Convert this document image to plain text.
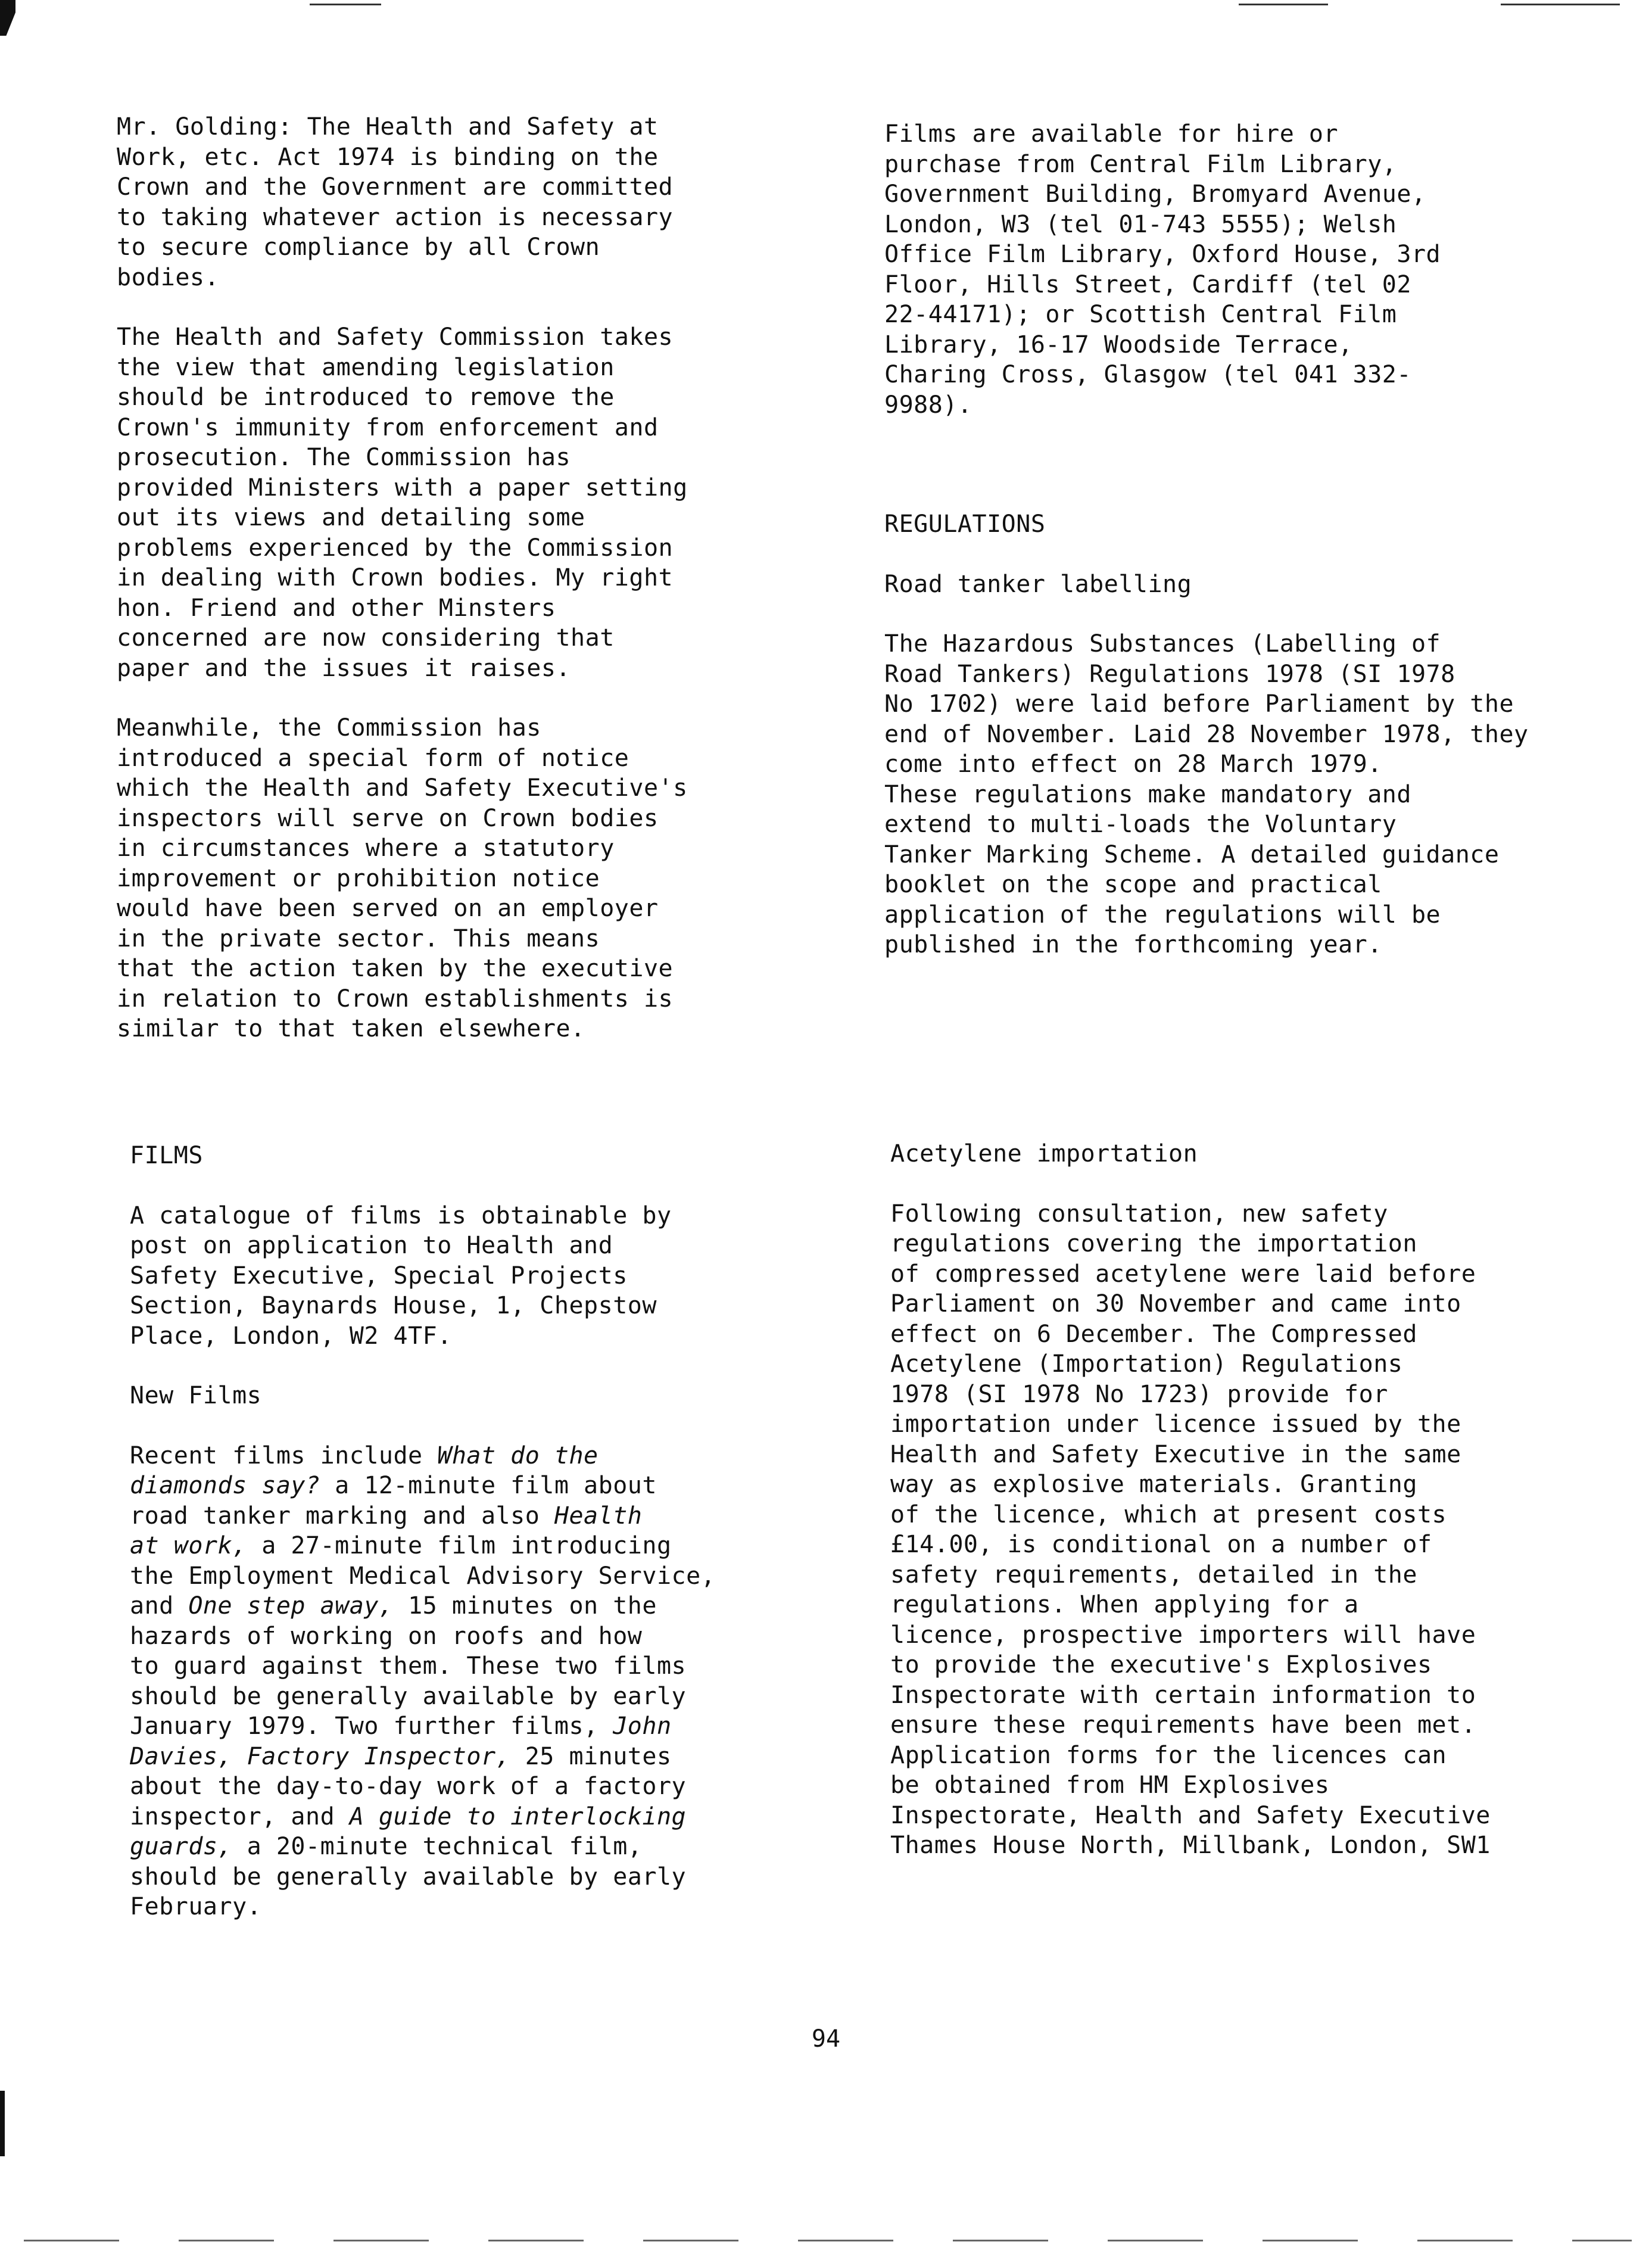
Mr. Golding: The Health and Safety at
Work, etc. Act 1974 is binding on the
Crown and the Government are committed
to taking whatever action is necessary
to secure compliance by all Crown
bodies.
The Health and Safety Commission takes
the view that amending legislation
should be introduced to remove the
Crown's immunity from enforcement and
prosecution. The Commission has
provided Ministers with a paper setting
out its views and detailing some
problems experienced by the Commission
in dealing with Crown bodies. My right
hon. Friend and other Minsters
concerned are now considering that
paper and the issues it raises.
Meanwhile, the Commission has
introduced a special form of notice
which the Health and Safety Executive's
inspectors will serve on Crown bodies
in circumstances where a statutory
improvement or prohibition notice
would have been served on an employer
in the private sector. This means
that the action taken by the executive
in relation to Crown establishments is
similar to that taken elsewhere.
FILMS
A catalogue of films is obtainable by
post on application to Health and
Safety Executive, Special Projects
Section, Baynards House, 1, Chepstow
Place, London, W2 4TF.
New Films
Recent films include What do the
diamonds say? a 12-minute film about
road tanker marking and also Health
at work, a 27-minute film introducing
the Employment Medical Advisory Service,
and One step away, 15 minutes on the
hazards of working on roofs and how
to guard against them. These two films
should be generally available by early
January 1979. Two further films, John
Davies, Factory Inspector, 25 minutes
about the day-to-day work of a factory
inspector, and A guide to interlocking
guards, a 20-minute technical film,
should be generally available by early
February.
Films are available for hire or
purchase from Central Film Library,
Government Building, Bromyard Avenue,
London, W3 (tel 01-743 5555); Welsh
Office Film Library, Oxford House, 3rd
Floor, Hills Street, Cardiff (tel 02
22-44171); or Scottish Central Film
Library, 16-17 Woodside Terrace,
Charing Cross, Glasgow (tel 041 332-
9988).
REGULATIONS
Road tanker labelling
The Hazardous Substances (Labelling of
Road Tankers) Regulations 1978 (SI 1978
No 1702) were laid before Parliament by the
end of November. Laid 28 November 1978, they
come into effect on 28 March 1979.
These regulations make mandatory and
extend to multi-loads the Voluntary
Tanker Marking Scheme. A detailed guidance
booklet on the scope and practical
application of the regulations will be
published in the forthcoming year.
Acetylene importation
Following consultation, new safety
regulations covering the importation
of compressed acetylene were laid before
Parliament on 30 November and came into
effect on 6 December. The Compressed
Acetylene (Importation) Regulations
1978 (SI 1978 No 1723) provide for
importation under licence issued by the
Health and Safety Executive in the same
way as explosive materials. Granting
of the licence, which at present costs
£14.00, is conditional on a number of
safety requirements, detailed in the
regulations. When applying for a
licence, prospective importers will have
to provide the executive's Explosives
Inspectorate with certain information to
ensure these requirements have been met.
Application forms for the licences can
be obtained from HM Explosives
Inspectorate, Health and Safety Executive
Thames House North, Millbank, London, SW1
94
